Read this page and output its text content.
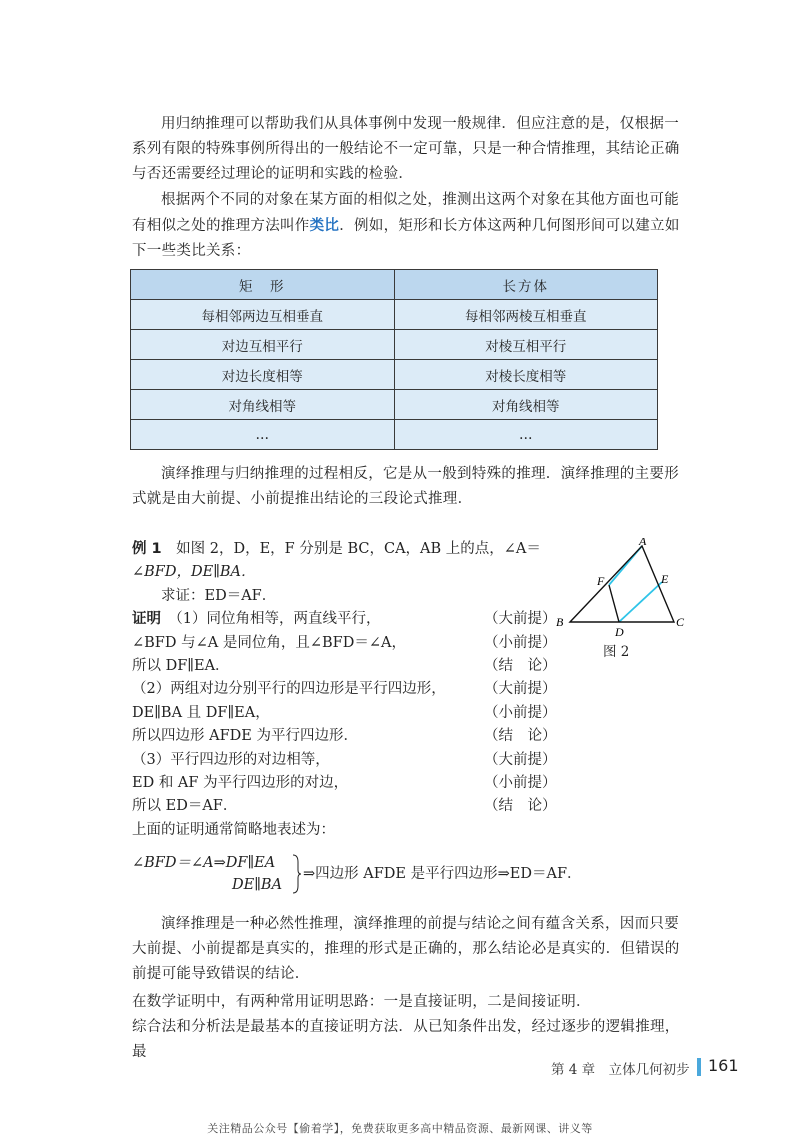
用归纳推理可以帮助我们从具体事例中发现一般规律．但应注意的是，仅根据一系列有限的特殊事例所得出的一般结论不一定可靠，只是一种合情推理，其结论正确与否还需要经过理论的证明和实践的检验．

根据两个不同的对象在某方面的相似之处，推测出这两个对象在其他方面也可能有相似之处的推理方法叫作类比．例如，矩形和长方体这两种几何图形间可以建立如下一些类比关系：

矩　形	长方体
每相邻两边互相垂直	每相邻两棱互相垂直
对边互相平行	对棱互相平行
对边长度相等	对棱长度相等
对角线相等	对角线相等
…	…

演绎推理与归纳推理的过程相反，它是从一般到特殊的推理．演绎推理的主要形式就是由大前提、小前提推出结论的三段论式推理．

例 1　 如图 2，D，E，F 分别是 BC，CA，AB 上的点，∠A＝
∠BFD，DE∥BA．
求证：ED＝AF．
证明　 （1）同位角相等，两直线平行，	（大前提）
∠BFD 与∠A 是同位角，且∠BFD＝∠A，	（小前提）
所以 DF∥EA．	（结　论）
（2）两组对边分别平行的四边形是平行四边形，	（大前提）
DE∥BA 且 DF∥EA，	（小前提）
所以四边形 AFDE 为平行四边形．	（结　论）
（3）平行四边形的对边相等，	（大前提）
ED 和 AF 为平行四边形的对边，	（小前提）
所以 ED＝AF．	（结　论）
上面的证明通常简略地表述为：
∠BFD＝∠A⇒DF∥EA
DE∥BA
⇒四边形 AFDE 是平行四边形⇒ED＝AF．
A
B	C
D
E
F
图 2

演绎推理是一种必然性推理，演绎推理的前提与结论之间有蕴含关系，因而只要大前提、小前提都是真实的，推理的形式是正确的，那么结论必是真实的．但错误的前提可能导致错误的结论．

在数学证明中，有两种常用证明思路：一是直接证明，二是间接证明．

综合法和分析法是最基本的直接证明方法．从已知条件出发，经过逐步的逻辑推理，最

第 4 章　立体几何初步 161
关注精品公众号【偷着学】，免费获取更多高中精品资源、最新网课、讲义等
